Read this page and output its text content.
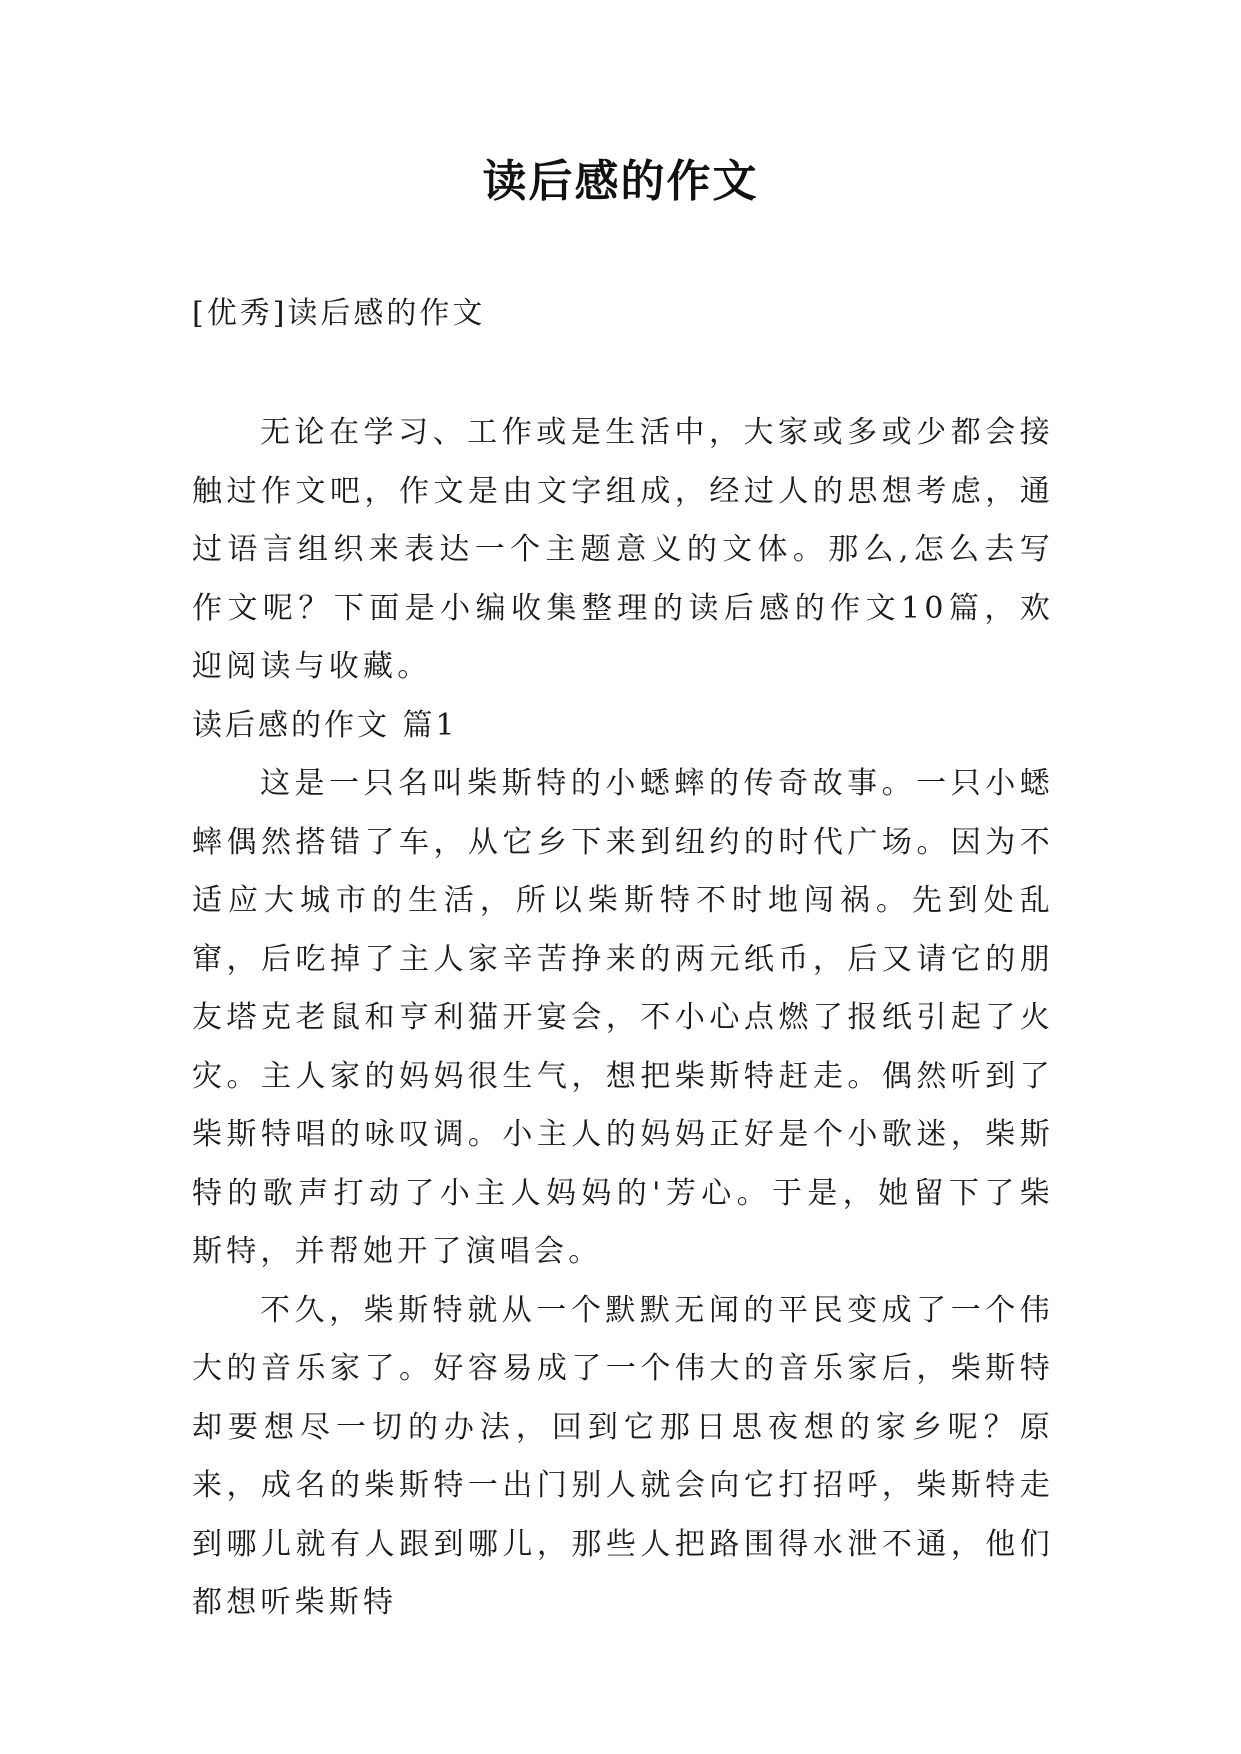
读后感的作文
[优秀]读后感的作文

无论在学习、工作或是生活中，大家或多或少都会接触过作文吧，作文是由文字组成，经过人的思想考虑，通过语言组织来表达一个主题意义的文体。那么,怎么去写作文呢？下面是小编收集整理的读后感的作文10篇，欢迎阅读与收藏。

读后感的作文 篇1

这是一只名叫柴斯特的小蟋蟀的传奇故事。一只小蟋蟀偶然搭错了车，从它乡下来到纽约的时代广场。因为不适应大城市的生活，所以柴斯特不时地闯祸。先到处乱窜，后吃掉了主人家辛苦挣来的两元纸币，后又请它的朋友塔克老鼠和亨利猫开宴会，不小心点燃了报纸引起了火灾。主人家的妈妈很生气，想把柴斯特赶走。偶然听到了柴斯特唱的咏叹调。小主人的妈妈正好是个小歌迷，柴斯特的歌声打动了小主人妈妈的'芳心。于是，她留下了柴斯特，并帮她开了演唱会。

不久，柴斯特就从一个默默无闻的平民变成了一个伟大的音乐家了。好容易成了一个伟大的音乐家后，柴斯特却要想尽一切的办法，回到它那日思夜想的家乡呢？原来，成名的柴斯特一出门别人就会向它打招呼，柴斯特走到哪儿就有人跟到哪儿，那些人把路围得水泄不通，他们都想听柴斯特
